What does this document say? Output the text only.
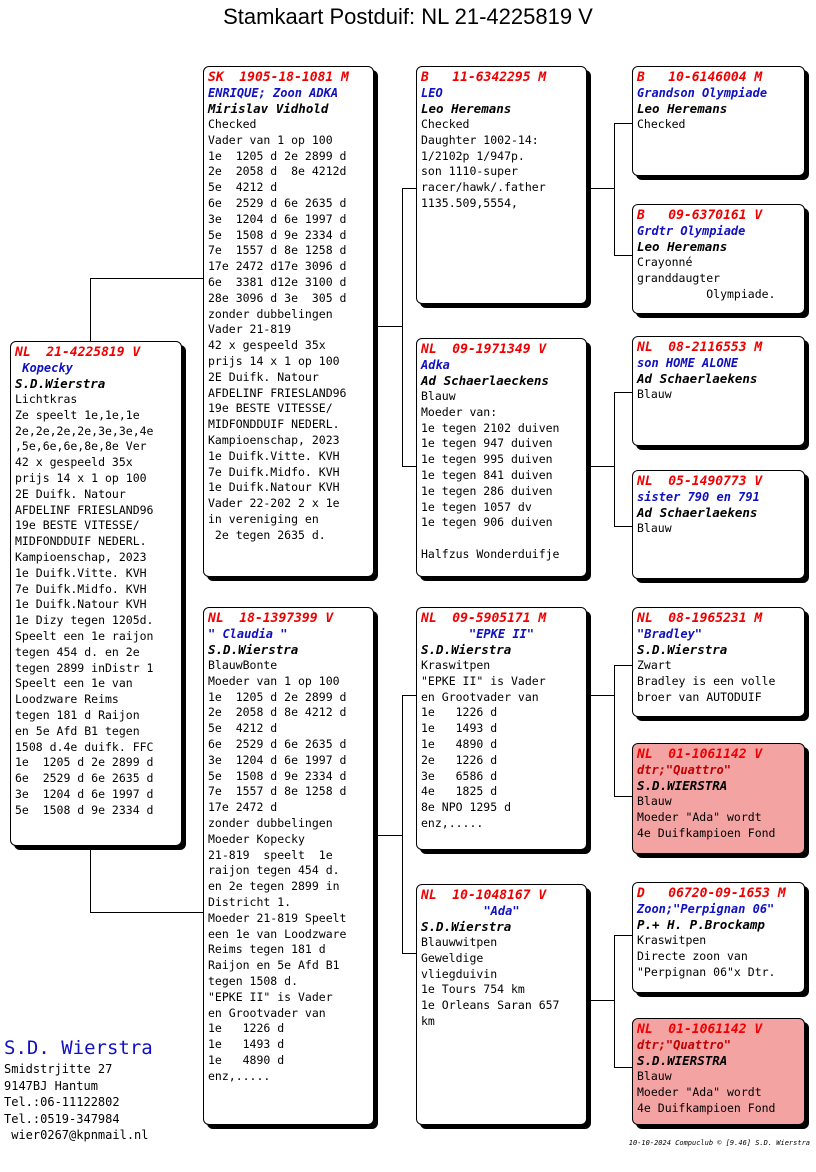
Stamkaart Postduif: NL 21-4225819 V
NL  21-4225819 V
Kopecky
S.D.Wierstra
Lichtkras
Ze speelt 1e,1e,1e
2e,2e,2e,2e,3e,3e,4e
,5e,6e,6e,8e,8e Ver
42 x gespeeld 35x
prijs 14 x 1 op 100
2E Duifk. Natour
AFDELINF FRIESLAND96
19e BESTE VITESSE/
MIDFONDDUIF NEDERL.
Kampioenschap, 2023
1e Duifk.Vitte. KVH
7e Duifk.Midfo. KVH
1e Duifk.Natour KVH
1e Dizy tegen 1205d.
Speelt een 1e raijon
tegen 454 d. en 2e
tegen 2899 inDistr 1
Speelt een 1e van
Loodzware Reims
tegen 181 d Raijon
en 5e Afd B1 tegen
1508 d.4e duifk. FFC
1e  1205 d 2e 2899 d
6e  2529 d 6e 2635 d
3e  1204 d 6e 1997 d
5e  1508 d 9e 2334 d
SK  1905-18-1081 M
ENRIQUE; Zoon ADKA
Mirislav Vidhold
Checked
Vader van 1 op 100
1e  1205 d 2e 2899 d
2e  2058 d  8e 4212d
5e  4212 d
6e  2529 d 6e 2635 d
3e  1204 d 6e 1997 d
5e  1508 d 9e 2334 d
7e  1557 d 8e 1258 d
17e 2472 d17e 3096 d
6e  3381 d12e 3100 d
28e 3096 d 3e  305 d
zonder dubbelingen
Vader 21-819
42 x gespeeld 35x
prijs 14 x 1 op 100
2E Duifk. Natour
AFDELINF FRIESLAND96
19e BESTE VITESSE/
MIDFONDDUIF NEDERL.
Kampioenschap, 2023
1e Duifk.Vitte. KVH
7e Duifk.Midfo. KVH
1e Duifk.Natour KVH
Vader 22-202 2 x 1e
in vereniging en
2e tegen 2635 d.
NL  18-1397399 V
" Claudia "
S.D.Wierstra
BlauwBonte
Moeder van 1 op 100
1e  1205 d 2e 2899 d
2e  2058 d 8e 4212 d
5e  4212 d
6e  2529 d 6e 2635 d
3e  1204 d 6e 1997 d
5e  1508 d 9e 2334 d
7e  1557 d 8e 1258 d
17e 2472 d
zonder dubbelingen
Moeder Kopecky
21-819  speelt  1e
raijon tegen 454 d.
en 2e tegen 2899 in
Districht 1.
Moeder 21-819 Speelt
een 1e van Loodzware
Reims tegen 181 d
Raijon en 5e Afd B1
tegen 1508 d.
"EPKE II" is Vader
en Grootvader van
1e   1226 d
1e   1493 d
1e   4890 d
enz,.....
B   11-6342295 M
LEO
Leo Heremans
Checked
Daughter 1002-14:
1/2102p 1/947p.
son 1110-super
racer/hawk/.father
1135.509,5554,
NL  09-1971349 V
Adka
Ad Schaerlaeckens
Blauw
Moeder van:
1e tegen 2102 duiven
1e tegen 947 duiven
1e tegen 995 duiven
1e tegen 841 duiven
1e tegen 286 duiven
1e tegen 1057 dv
1e tegen 906 duiven

Halfzus Wonderduifje
NL  09-5905171 M
"EPKE II"
S.D.Wierstra
Kraswitpen
"EPKE II" is Vader
en Grootvader van
1e   1226 d
1e   1493 d
1e   4890 d
2e   1226 d
3e   6586 d
4e   1825 d
8e NPO 1295 d
enz,.....
NL  10-1048167 V
"Ada"
S.D.Wierstra
Blauwwitpen
Geweldige
vliegduivin
1e Tours 754 km
1e Orleans Saran 657
km
B   10-6146004 M
Grandson Olympiade
Leo Heremans
Checked
B   09-6370161 V
Grdtr Olympiade
Leo Heremans
Crayonné
granddaugter
Olympiade.
NL  08-2116553 M
son HOME ALONE
Ad Schaerlaekens
Blauw
NL  05-1490773 V
sister 790 en 791
Ad Schaerlaekens
Blauw
NL  08-1965231 M
"Bradley"
S.D.Wierstra
Zwart
Bradley is een volle
broer van AUTODUIF
NL  01-1061142 V
dtr;"Quattro"
S.D.WIERSTRA
Blauw
Moeder "Ada" wordt
4e Duifkampioen Fond
D   06720-09-1653 M
Zoon;"Perpignan 06"
P.+ H. P.Brockamp
Kraswitpen
Directe zoon van
"Perpignan 06"x Dtr.
NL  01-1061142 V
dtr;"Quattro"
S.D.WIERSTRA
Blauw
Moeder "Ada" wordt
4e Duifkampioen Fond
S.D. Wierstra
Smidstrjitte 27
9147BJ Hantum
Tel.:06-11122802
Tel.:0519-347984
wier0267@kpnmail.nl
10-10-2024 Compuclub © [9.46] S.D. Wierstra
